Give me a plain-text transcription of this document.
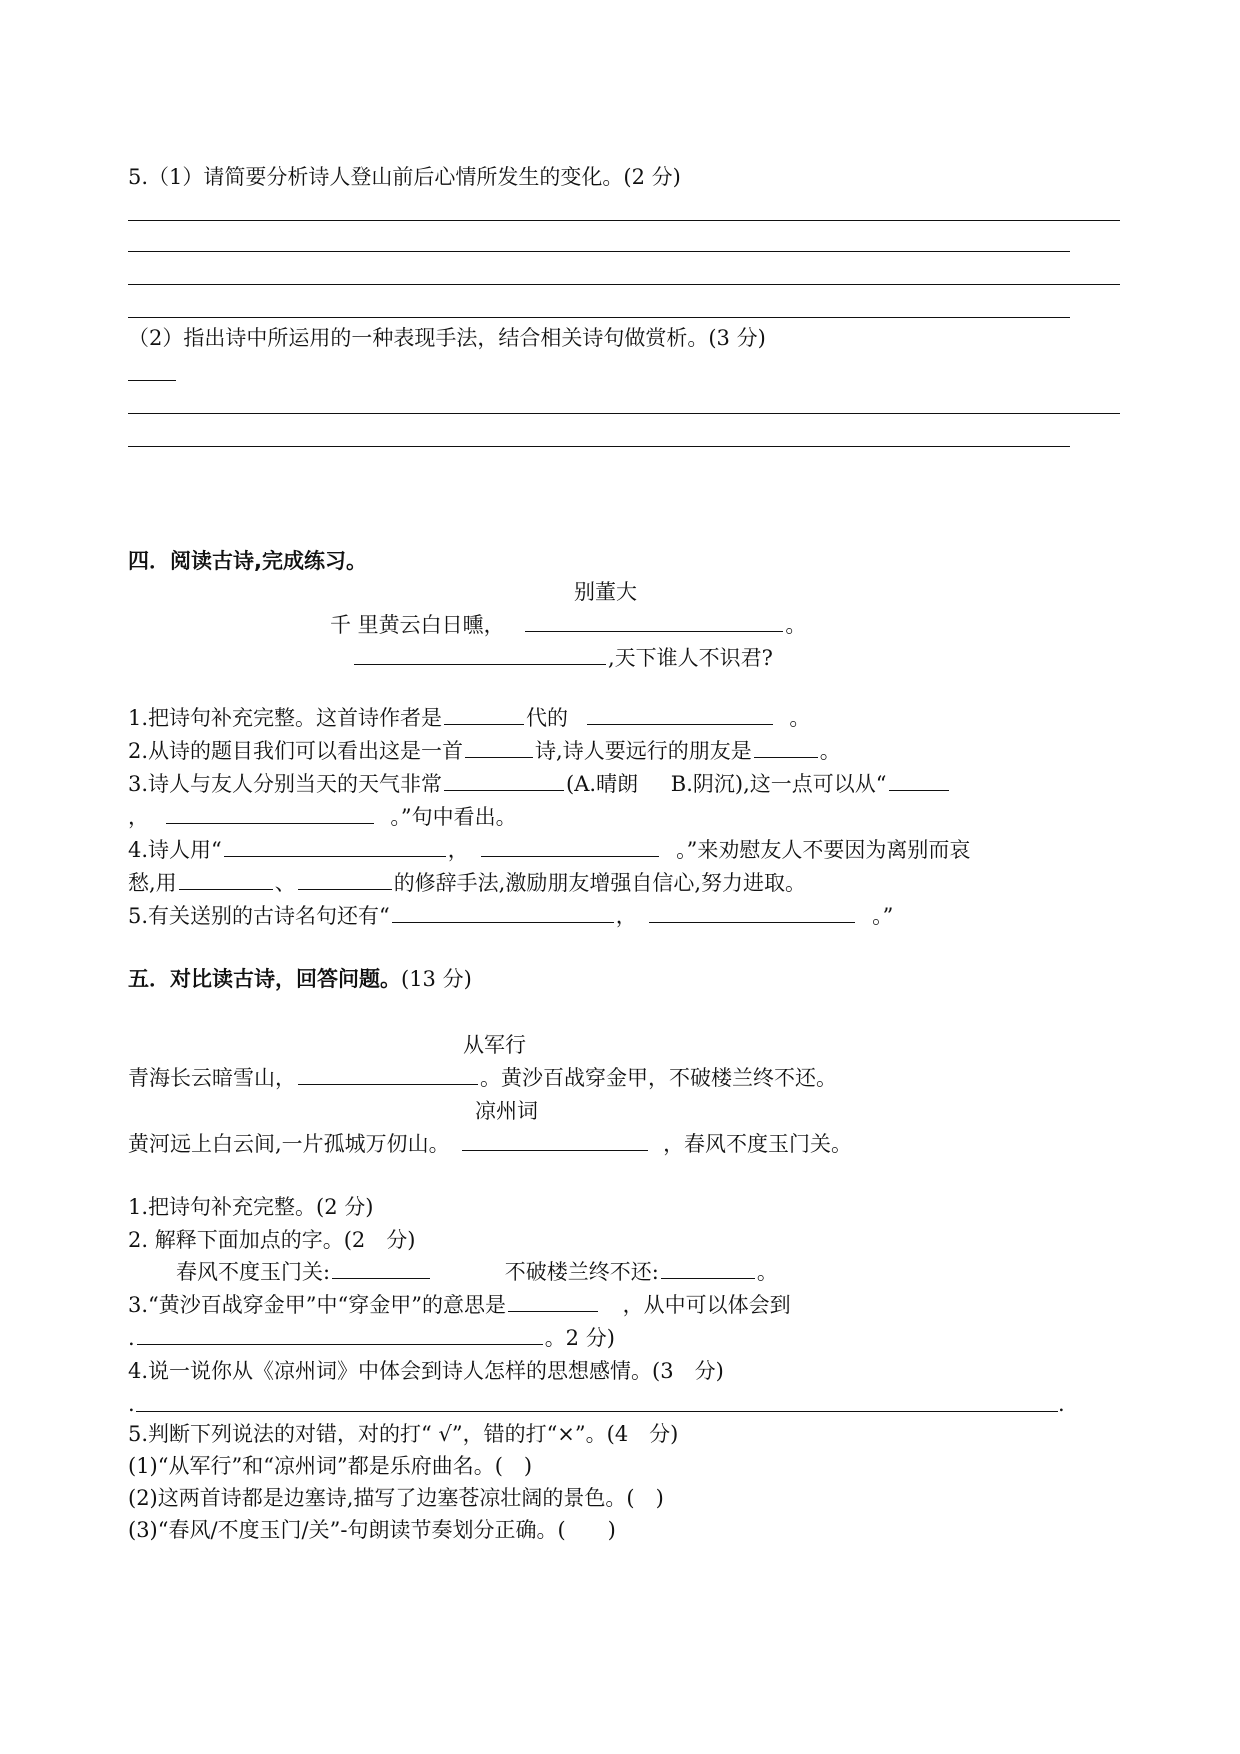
5.（1）请简要分析诗人登山前后心情所发生的变化。(2 分)
（2）指出诗中所运用的一种表现手法，结合相关诗句做赏析。(3 分)
四．阅读古诗,完成练习。
别董大
千 里黄云白日曛，	。
,天下谁人不识君?
1.把诗句补充完整。这首诗作者是	代的	。
2.从诗的题目我们可以看出这是一首	诗,诗人要远行的朋友是	。
3.诗人与友人分别当天的天气非常	(A.晴朗 B.阴沉),这一点可以从“
，	。”句中看出。
4.诗人用“	，	。”来劝慰友人不要因为离别而哀
愁,用	、	的修辞手法,激励朋友增强自信心,努力进取。
5.有关送别的古诗名句还有“	，	。”
五．对比读古诗，回答问题。(13 分)
从军行
青海长云暗雪山，	。黄沙百战穿金甲，不破楼兰终不还。
凉州词
黄河远上白云间,一片孤城万仞山。	，春风不度玉门关。
1.把诗句补充完整。(2 分)
2. 解释下面加点的字。(2　分)
春风不度玉门关:	不破楼兰终不还:	。
3.“黄沙百战穿金甲”中“穿金甲”的意思是	，从中可以体会到
.	。2 分)
4.说一说你从《凉州词》中体会到诗人怎样的思想感情。(3　分)
.	.
5.判断下列说法的对错，对的打“ √”，错的打“×”。(4　分)
(1)“从军行”和“凉州词”都是乐府曲名。(　)
(2)这两首诗都是边塞诗,描写了边塞苍凉壮阔的景色。(　)
(3)“春风/不度玉门/关”-句朗读节奏划分正确。(　　)
